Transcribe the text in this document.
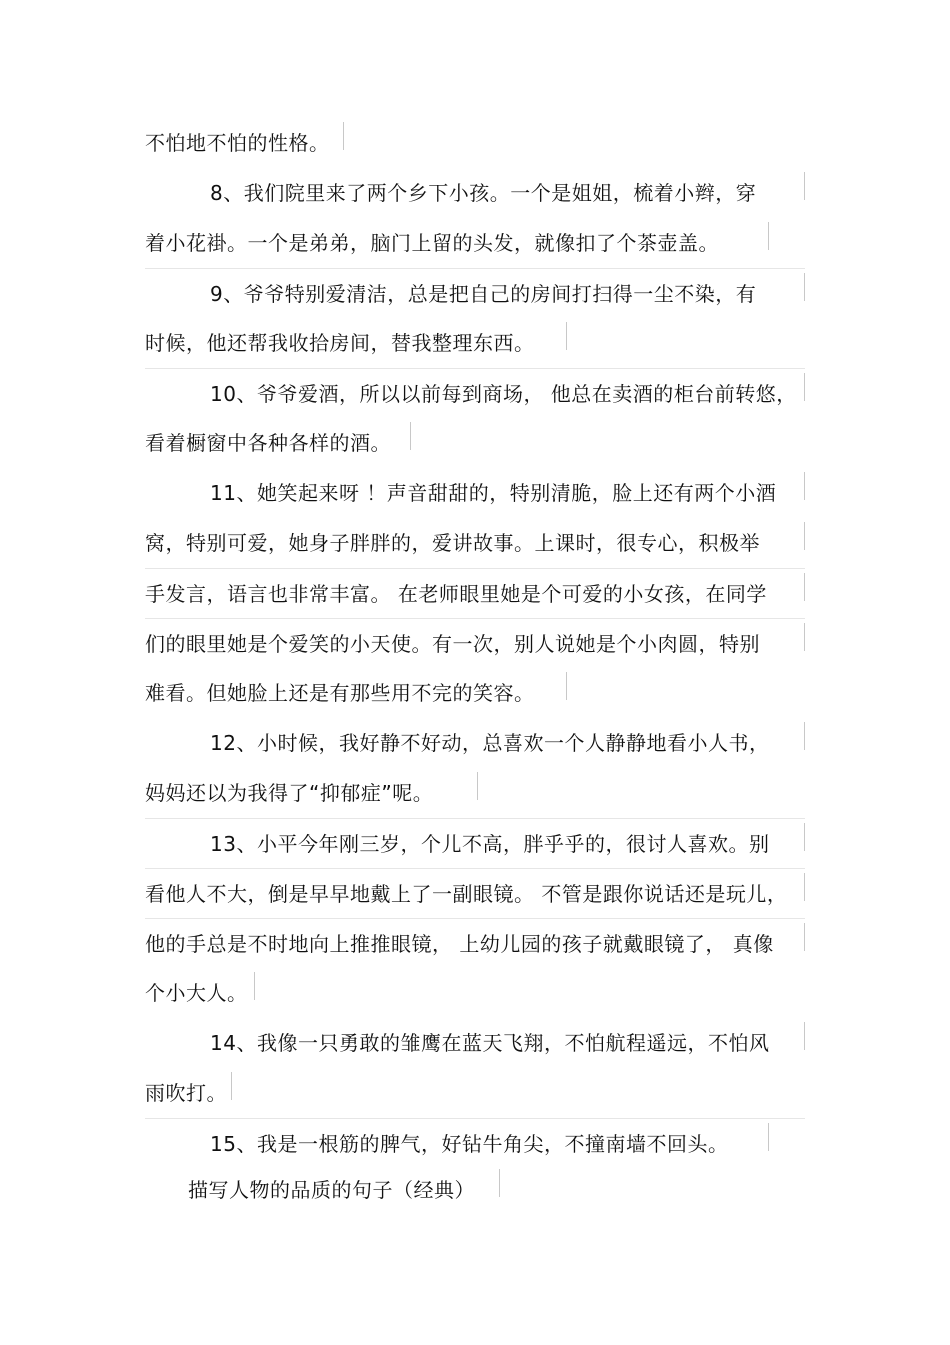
不怕地不怕的性格。
8、我们院里来了两个乡下小孩。一个是姐姐，梳着小辫，穿
着小花褂。一个是弟弟，脑门上留的头发，就像扣了个茶壶盖。
9、爷爷特别爱清洁，总是把自己的房间打扫得一尘不染，有
时候，他还帮我收拾房间，替我整理东西。
10、爷爷爱酒，所以以前每到商场， 他总在卖酒的柜台前转悠，
看着橱窗中各种各样的酒。
11、她笑起来呀 ！声音甜甜的，特别清脆，脸上还有两个小酒
窝，特别可爱，她身子胖胖的，爱讲故事。上课时，很专心，积极举
手发言，语言也非常丰富。 在老师眼里她是个可爱的小女孩，在同学
们的眼里她是个爱笑的小天使。有一次，别人说她是个小肉圆，特别
难看。但她脸上还是有那些用不完的笑容。
12、小时候，我好静不好动，总喜欢一个人静静地看小人书，
妈妈还以为我得了“抑郁症”呢。
13、小平今年刚三岁，个儿不高，胖乎乎的，很讨人喜欢。别
看他人不大，倒是早早地戴上了一副眼镜。 不管是跟你说话还是玩儿，
他的手总是不时地向上推推眼镜， 上幼儿园的孩子就戴眼镜了， 真像
个小大人。
14、我像一只勇敢的雏鹰在蓝天飞翔，不怕航程遥远，不怕风
雨吹打。
15、我是一根筋的脾气，好钻牛角尖，不撞南墙不回头。
描写人物的品质的句子（经典）
